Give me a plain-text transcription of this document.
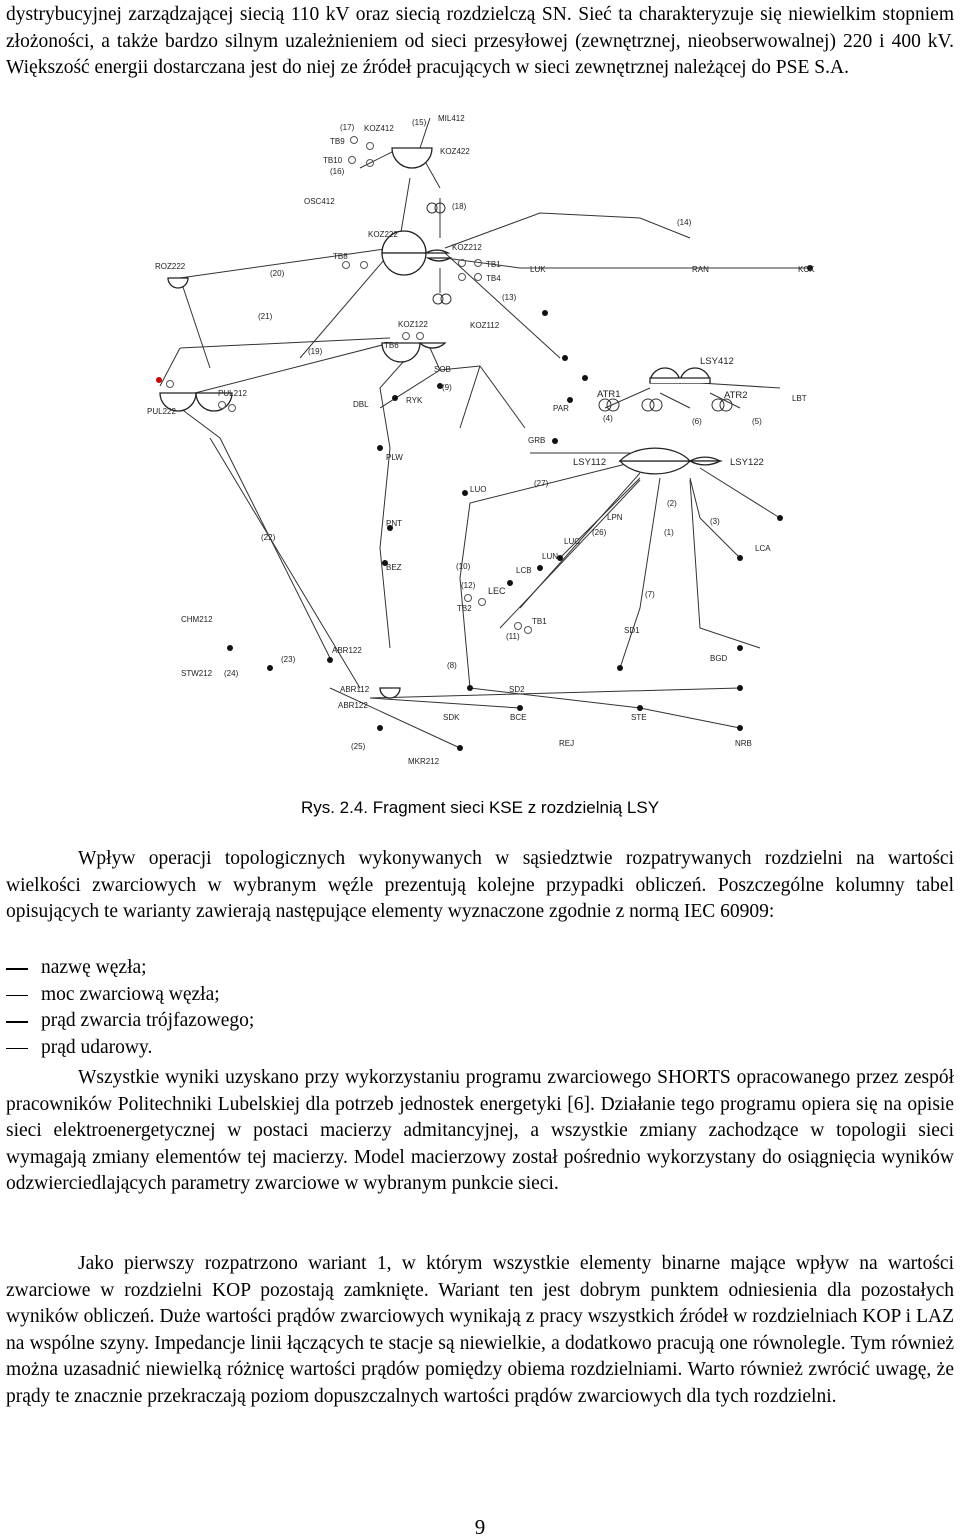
dystrybucyjnej zarządzającej siecią 110 kV oraz siecią rozdzielczą SN. Sieć ta charakteryzuje się niewielkim stopniem złożoności, a także bardzo silnym uzależnieniem od sieci przesyłowej (zewnętrznej, nieobserwowalnej) 220 i 400 kV. Większość energii dostarczana jest do niej ze źródeł pracujących w sieci zewnętrznej należącej do PSE S.A.

MIL412
(17) KOZ412
(15)
TB9
KOZ422
TB10
(16)
OSC412
(18)
(14)
KOZ222
KOZ212
ROZ222
(20)
TB8
TB1
TB4
LUK	RAN	KCK
(13)
(21)
KOZ122	KOZ112
TB6
(19)
LSY412
SOB
(9)
PUL212
PUL222
DBL	RYK
PAR
ATR1	ATR2	LBT
(4)	(6)	(5)
GRB
PLW	LSY112	LSY122
LUO
(27)
(2)
PNT
LPN
(26)
LUC
(1)
(3)
(22)
LCA
LUN
BEZ	(10)	LCB
(12)
LEC
TB2
(7)
CHM212	TB1
SD1
(11)
ABR122
(23)	BGD
STW212 (24)
(8)
ABR112	SD2
ABR122
SDK	BCE	STE
(25)	REJ	NRB
MKR212
Rys. 2.4. Fragment sieci KSE z rozdzielnią LSY

Wpływ operacji topologicznych wykonywanych w sąsiedztwie rozpatrywanych rozdzielni na wartości wielkości zwarciowych w wybranym węźle prezentują kolejne przypadki obliczeń. Poszczególne kolumny tabel opisujących te warianty zawierają następujące elementy wyznaczone zgodnie z normą IEC 60909:

nazwę węzła;
moc zwarciową węzła;
prąd zwarcia trójfazowego;
prąd udarowy.

Wszystkie wyniki uzyskano przy wykorzystaniu programu zwarciowego SHORTS opracowanego przez zespół pracowników Politechniki Lubelskiej dla potrzeb jednostek energetyki [6]. Działanie tego programu opiera się na opisie sieci elektroenergetycznej w postaci macierzy admitancyjnej, a wszystkie zmiany zachodzące w topologii sieci wymagają zmiany elementów tej macierzy. Model macierzowy został pośrednio wykorzystany do osiągnięcia wyników odzwierciedlających parametry zwarciowe w wybranym punkcie sieci.

Jako pierwszy rozpatrzono wariant 1, w którym wszystkie elementy binarne mające wpływ na wartości zwarciowe w rozdzielni KOP pozostają zamknięte. Wariant ten jest dobrym punktem odniesienia dla pozostałych wyników obliczeń. Duże wartości prądów zwarciowych wynikają z pracy wszystkich źródeł w rozdzielniach KOP i LAZ na wspólne szyny. Impedancje linii łączących te stacje są niewielkie, a dodatkowo pracują one równolegle. Tym również można uzasadnić niewielką różnicę wartości prądów pomiędzy obiema rozdzielniami. Warto również zwrócić uwagę, że prądy te znacznie przekraczają poziom dopuszczalnych wartości prądów zwarciowych dla tych rozdzielni.

9
